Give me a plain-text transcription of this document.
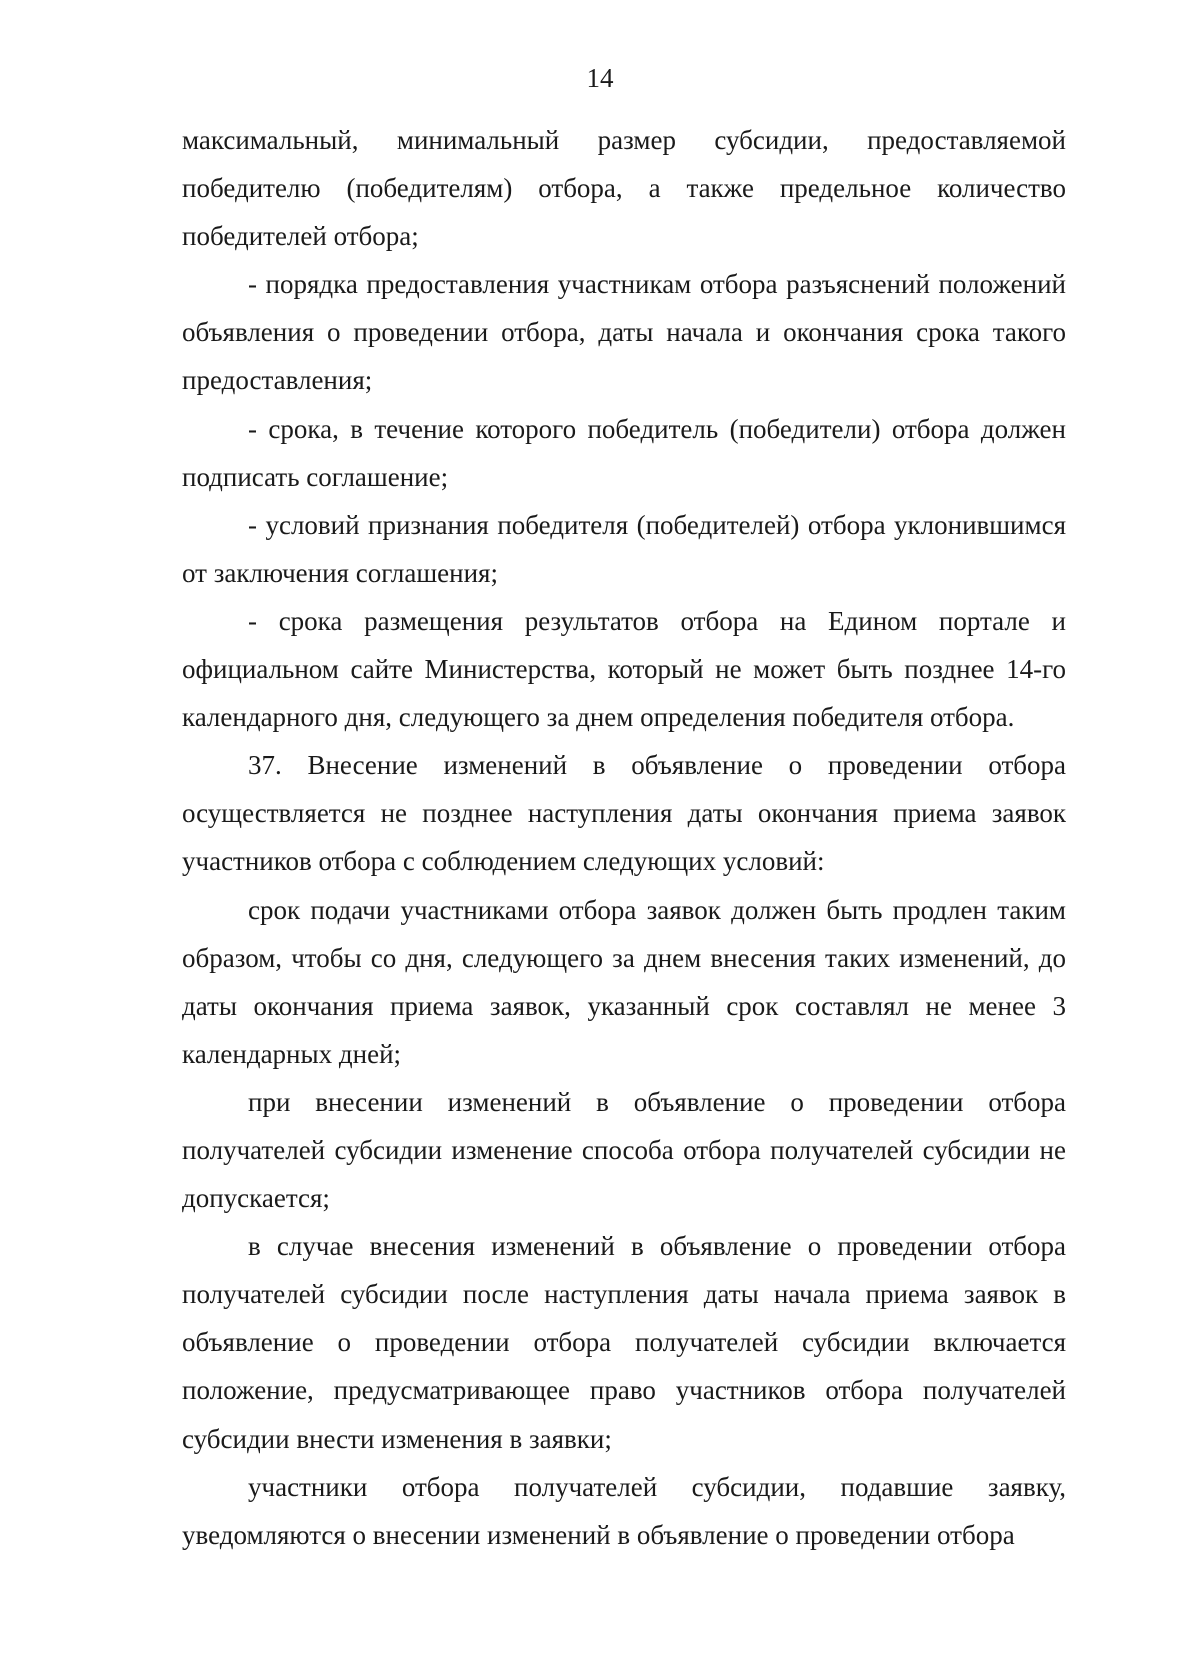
14

максимальный, минимальный размер субсидии, предоставляемой победителю (победителям) отбора, а также предельное количество победителей отбора;

- порядка предоставления участникам отбора разъяснений положений объявления о проведении отбора, даты начала и окончания срока такого предоставления;

- срока, в течение которого победитель (победители) отбора должен подписать соглашение;

- условий признания победителя (победителей) отбора уклонившимся от заключения соглашения;

- срока размещения результатов отбора на Едином портале и официальном сайте Министерства, который не может быть позднее 14-го календарного дня, следующего за днем определения победителя отбора.

37. Внесение изменений в объявление о проведении отбора осуществляется не позднее наступления даты окончания приема заявок участников отбора с соблюдением следующих условий:

срок подачи участниками отбора заявок должен быть продлен таким образом, чтобы со дня, следующего за днем внесения таких изменений, до даты окончания приема заявок, указанный срок составлял не менее 3 календарных дней;

при внесении изменений в объявление о проведении отбора получателей субсидии изменение способа отбора получателей субсидии не допускается;

в случае внесения изменений в объявление о проведении отбора получателей субсидии после наступления даты начала приема заявок в объявление о проведении отбора получателей субсидии включается положение, предусматривающее право участников отбора получателей субсидии внести изменения в заявки;

участники отбора получателей субсидии, подавшие заявку, уведомляются о внесении изменений в объявление о проведении отбора
